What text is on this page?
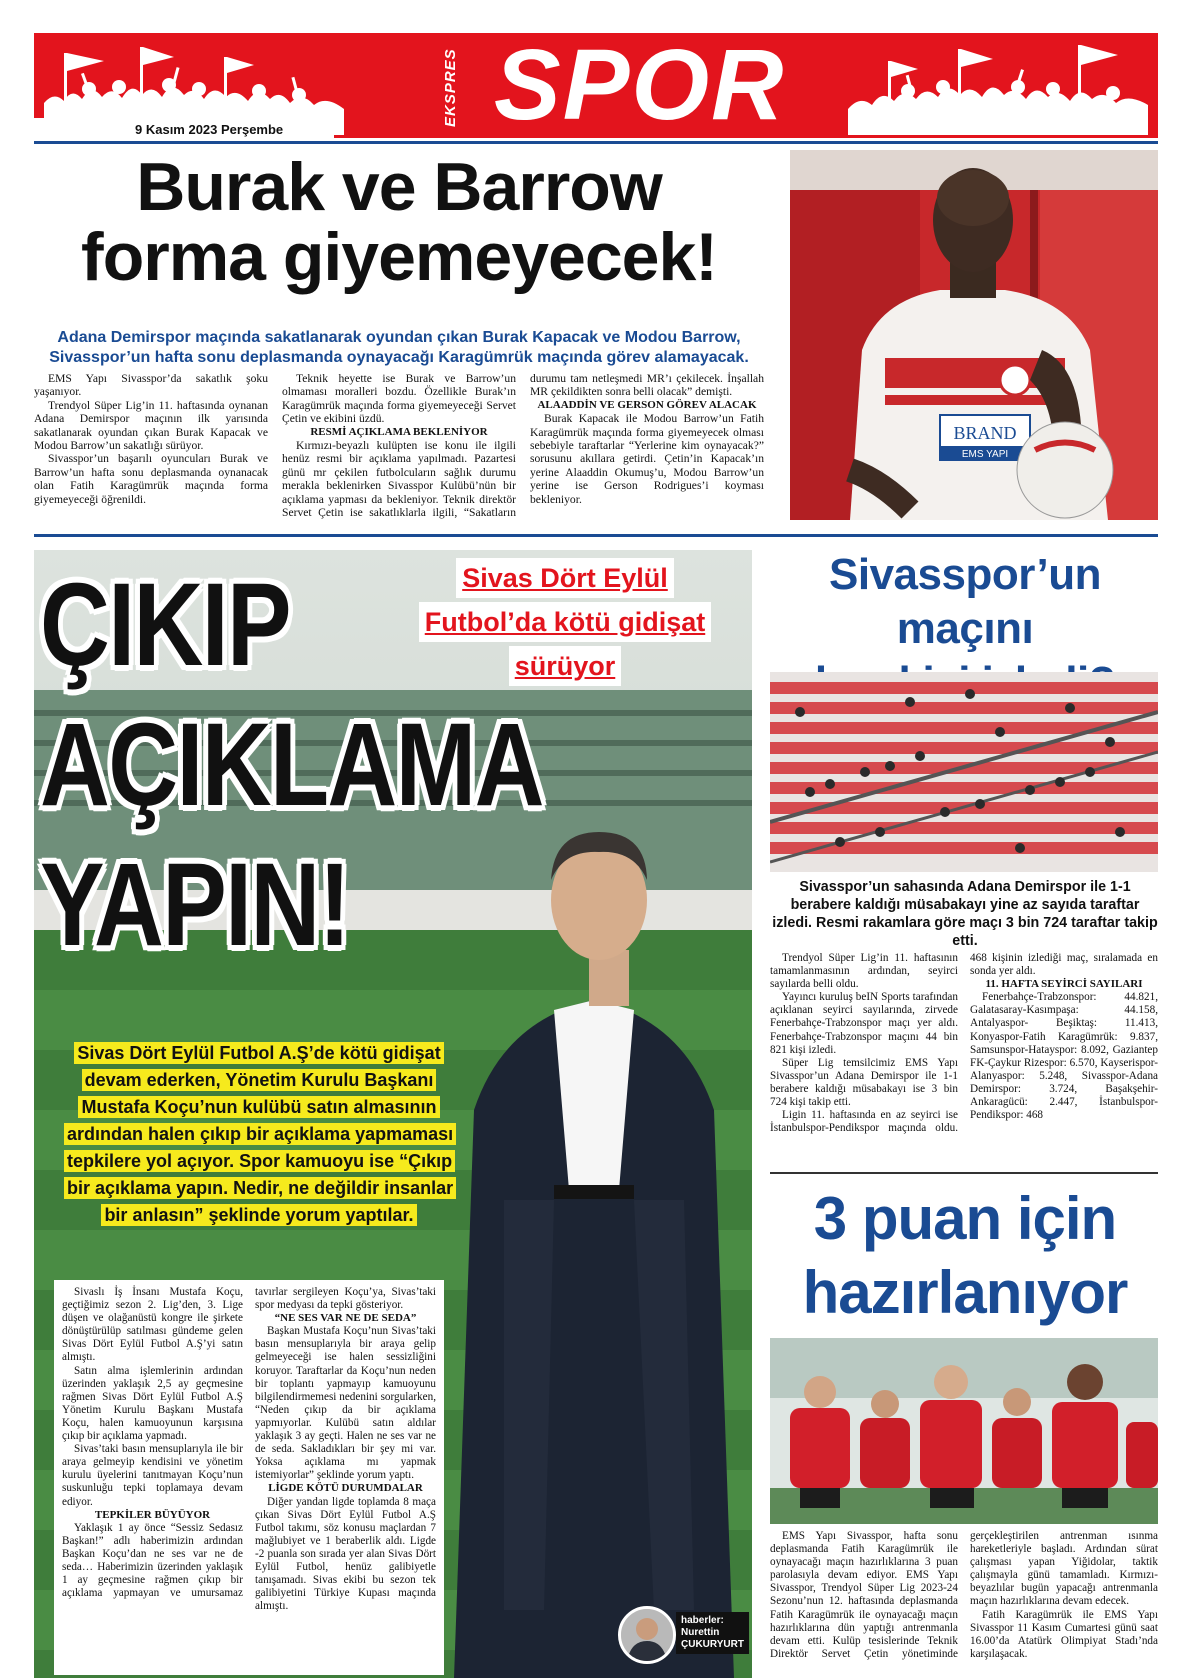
EKSPRES SPOR
9 Kasım 2023 Perşembe
Burak ve Barrow
forma giyemeyecek!
Adana Demirspor maçında sakatlanarak oyundan çıkan Burak Kapacak ve Modou Barrow, Sivasspor’un hafta sonu deplasmanda oynayacağı Karagümrük maçında görev alamayacak.

EMS Yapı Sivasspor’da sakatlık şoku yaşanıyor.

Trendyol Süper Lig’in 11. haftasında oynanan Adana Demirspor maçının ilk yarısında sakatlanarak oyundan çıkan Burak Kapacak ve Modou Barrow’un sakatlığı sürüyor.

Sivasspor’un başarılı oyuncuları Burak ve Barrow’un hafta sonu deplasmanda oynanacak olan Fatih Karagümrük maçında forma giyemeyeceği öğrenildi.

Teknik heyette ise Burak ve Barrow’un olmaması moralleri bozdu. Özellikle Burak’ın Karagümrük maçında forma giyemeyeceği Servet Çetin ve ekibini üzdü.

RESMİ AÇIKLAMA BEKLENİYOR

Kırmızı-beyazlı kulüpten ise konu ile ilgili henüz resmi bir açıklama yapılmadı. Pazartesi günü mr çekilen futbolcuların sağlık durumu merakla beklenirken Sivasspor Kulübü’nün bir açıklama yapması da bekleniyor. Teknik direktör Servet Çetin ise sakatlıklarla ilgili, “Sakatların durumu tam netleşmedi MR’ı çekilecek. İnşallah MR çekildikten sonra belli olacak” demişti.

ALAADDİN VE GERSON GÖREV ALACAK

Burak Kapacak ile Modou Barrow’un Fatih Karagümrük maçında forma giyemeyecek olması sebebiyle taraftarlar “Yerlerine kim oynayacak?” sorusunu akıllara getirdi. Çetin’in Kapacak’ın yerine Alaaddin Okumuş’u, Modou Barrow’un yerine ise Gerson Rodrigues’i koyması bekleniyor.

BRAND
EMS YAPI
Sivas Dört Eylül
Futbol’da kötü gidişat
sürüyor
ÇIKIP
AÇIKLAMA
YAPIN!
Sivas Dört Eylül Futbol A.Ş’de kötü gidişat devam ederken, Yönetim Kurulu Başkanı Mustafa Koçu’nun kulübü satın almasının ardından halen çıkıp bir açıklama yapmaması tepkilere yol açıyor. Spor kamuoyu ise “Çıkıp bir açıklama yapın. Nedir, ne değildir insanlar bir anlasın” şeklinde yorum yaptılar.

Sivaslı İş İnsanı Mustafa Koçu, geçtiğimiz sezon 2. Lig’den, 3. Lige düşen ve olağanüstü kongre ile şirkete dönüştürülüp satılması gündeme gelen Sivas Dört Eylül Futbol A.Ş’yi satın almıştı.

Satın alma işlemlerinin ardından üzerinden yaklaşık 2,5 ay geçmesine rağmen Sivas Dört Eylül Futbol A.Ş Yönetim Kurulu Başkanı Mustafa Koçu, halen kamuoyunun karşısına çıkıp bir açıklama yapmadı.

Sivas’taki basın mensuplarıyla ile bir araya gelmeyip kendisini ve yönetim kurulu üyelerini tanıtmayan Koçu’nun suskunluğu tepki toplamaya devam ediyor.

TEPKİLER BÜYÜYOR

Yaklaşık 1 ay önce “Sessiz Sedasız Başkan!” adlı haberimizin ardından Başkan Koçu’dan ne ses var ne de seda… Haberimizin üzerinden yaklaşık 1 ay geçmesine rağmen çıkıp bir açıklama yapmayan ve umursamaz tavırlar sergileyen Koçu’ya, Sivas’taki spor medyası da tepki gösteriyor.

“NE SES VAR NE DE SEDA”

Başkan Mustafa Koçu’nun Sivas’taki basın mensuplarıyla bir araya gelip gelmeyeceği ise halen sessizliğini koruyor. Taraftarlar da Koçu’nun neden bir toplantı yapmayıp kamuoyunu bilgilendirmemesi nedenini sorgularken, “Neden çıkıp da bir açıklama yapmıyorlar. Kulübü satın aldılar yaklaşık 3 ay geçti. Halen ne ses var ne de seda. Sakladıkları bir şey mi var. Yoksa açıklama mı yapmak istemiyorlar” şeklinde yorum yaptı.

LİGDE KÖTÜ DURUMDALAR

Diğer yandan ligde toplamda 8 maça çıkan Sivas Dört Eylül Futbol A.Ş Futbol takımı, söz konusu maçlardan 7 mağlubiyet ve 1 beraberlik aldı. Ligde -2 puanla son sırada yer alan Sivas Dört Eylül Futbol, henüz galibiyetle tanışamadı. Sivas ekibi bu sezon tek galibiyetini Türkiye Kupası maçında almıştı.

haberler:
Nurettin
ÇUKURYURT
Sivasspor’un maçını
Sivasspor’un sahasında Adana Demirspor ile 1-1 berabere kaldığı müsabakayı yine az sayıda taraftar izledi. Resmi rakamlara göre maçı 3 bin 724 taraftar takip etti.

Trendyol Süper Lig’in 11. haftasının tamamlanmasının ardından, seyirci sayılarda belli oldu.

Yayıncı kuruluş beIN Sports tarafından açıklanan seyirci sayılarında, zirvede Fenerbahçe-Trabzonspor maçı yer aldı. Fenerbahçe-Trabzonspor maçını 44 bin 821 kişi izledi.

Süper Lig temsilcimiz EMS Yapı Sivasspor’un Adana Demirspor ile 1-1 berabere kaldığı müsabakayı ise 3 bin 724 kişi takip etti.

Ligin 11. haftasında en az seyirci ise İstanbulspor-Pendikspor maçında oldu. 468 kişinin izlediği maç, sıralamada en sonda yer aldı.

11. HAFTA SEYİRCİ SAYILARI

Fenerbahçe-Trabzonspor: 44.821, Galatasaray-Kasımpaşa: 44.158, Antalyaspor- Beşiktaş: 11.413, Konyaspor-Fatih Karagümrük: 9.837, Samsunspor-Hatayspor: 8.092, Gaziantep FK-Çaykur Rizespor: 6.570, Kayserispor- Alanyaspor: 5.248, Sivasspor-Adana Demirspor: 3.724, Başakşehir-Ankaragücü: 2.447, İstanbulspor-Pendikspor: 468

3 puan için
hazırlanıyor

EMS Yapı Sivasspor, hafta sonu deplasmanda Fatih Karagümrük ile oynayacağı maçın hazırlıklarına 3 puan parolasıyla devam ediyor. EMS Yapı Sivasspor, Trendyol Süper Lig 2023-24 Sezonu’nun 12. haftasında deplasmanda Fatih Karagümrük ile oynayacağı maçın hazırlıklarına dün yaptığı antrenmanla devam etti. Kulüp tesislerinde Teknik Direktör Servet Çetin yönetiminde gerçekleştirilen antrenman ısınma hareketleriyle başladı. Ardından sürat çalışması yapan Yiğidolar, taktik çalışmayla günü tamamladı. Kırmızı-beyazlılar bugün yapacağı antrenmanla maçın hazırlıklarına devam edecek.

Fatih Karagümrük ile EMS Yapı Sivasspor 11 Kasım Cumartesi günü saat 16.00’da Atatürk Olimpiyat Stadı’nda karşılaşacak.
